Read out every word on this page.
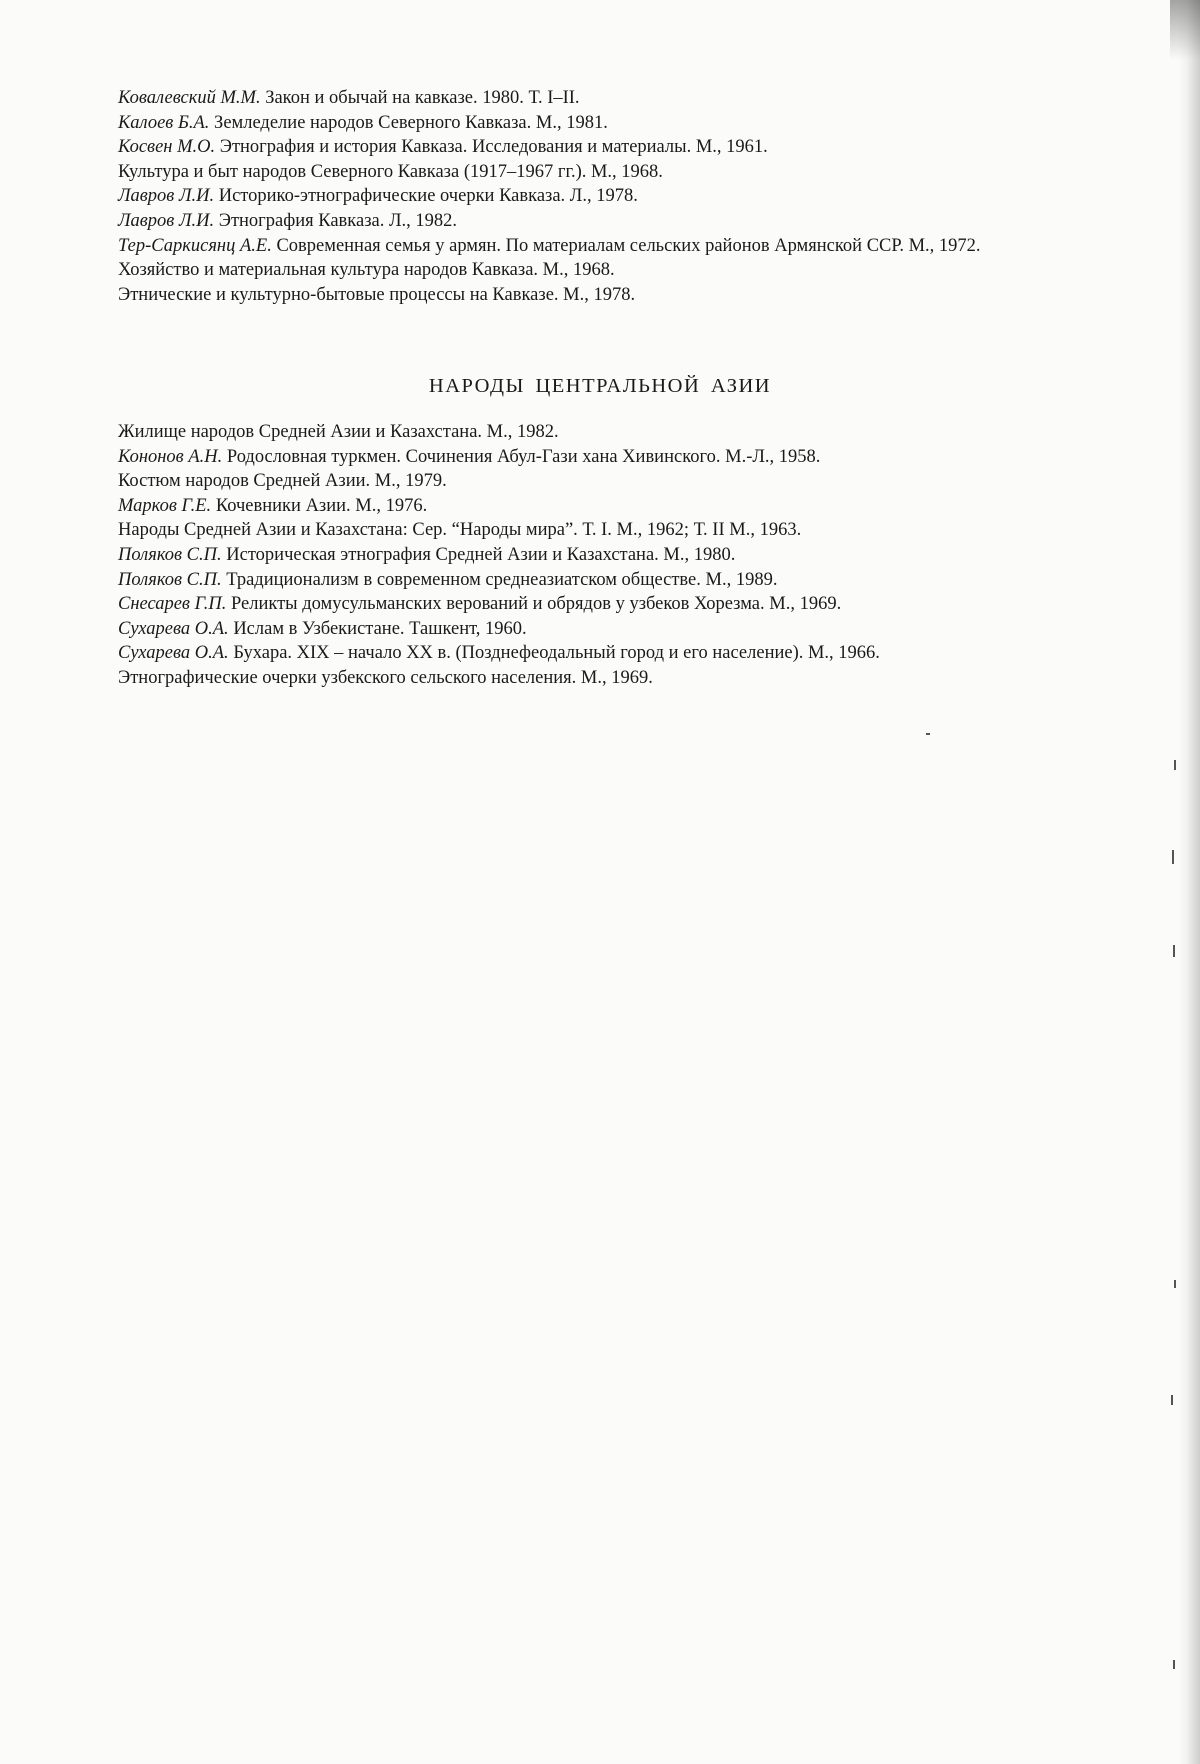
Ковалевский М.М. Закон и обычай на кавказе. 1980. Т. I–II.

Калоев Б.А. Земледелие народов Северного Кавказа. М., 1981.

Косвен М.О. Этнография и история Кавказа. Исследования и материалы. М., 1961.

Культура и быт народов Северного Кавказа (1917–1967 гг.). М., 1968.

Лавров Л.И. Историко-этнографические очерки Кавказа. Л., 1978.

Лавров Л.И. Этнография Кавказа. Л., 1982.

Тер-Саркисянц А.Е. Современная семья у армян. По материалам сельских районов Армянской ССР. М., 1972.

Хозяйство и материальная культура народов Кавказа. М., 1968.

Этнические и культурно-бытовые процессы на Кавказе. М., 1978.

НАРОДЫ ЦЕНТРАЛЬНОЙ АЗИИ

Жилище народов Средней Азии и Казахстана. М., 1982.

Кононов А.Н. Родословная туркмен. Сочинения Абул-Гази хана Хивинского. М.-Л., 1958.

Костюм народов Средней Азии. М., 1979.

Марков Г.Е. Кочевники Азии. М., 1976.

Народы Средней Азии и Казахстана: Сер. “Народы мира”. Т. I. М., 1962; Т. II М., 1963.

Поляков С.П. Историческая этнография Средней Азии и Казахстана. М., 1980.

Поляков С.П. Традиционализм в современном среднеазиатском обществе. М., 1989.

Снесарев Г.П. Реликты домусульманских верований и обрядов у узбеков Хорезма. М., 1969.

Сухарева О.А. Ислам в Узбекистане. Ташкент, 1960.

Сухарева О.А. Бухара. XIX – начало XX в. (Позднефеодальный город и его население). М., 1966.

Этнографические очерки узбекского сельского населения. М., 1969.
